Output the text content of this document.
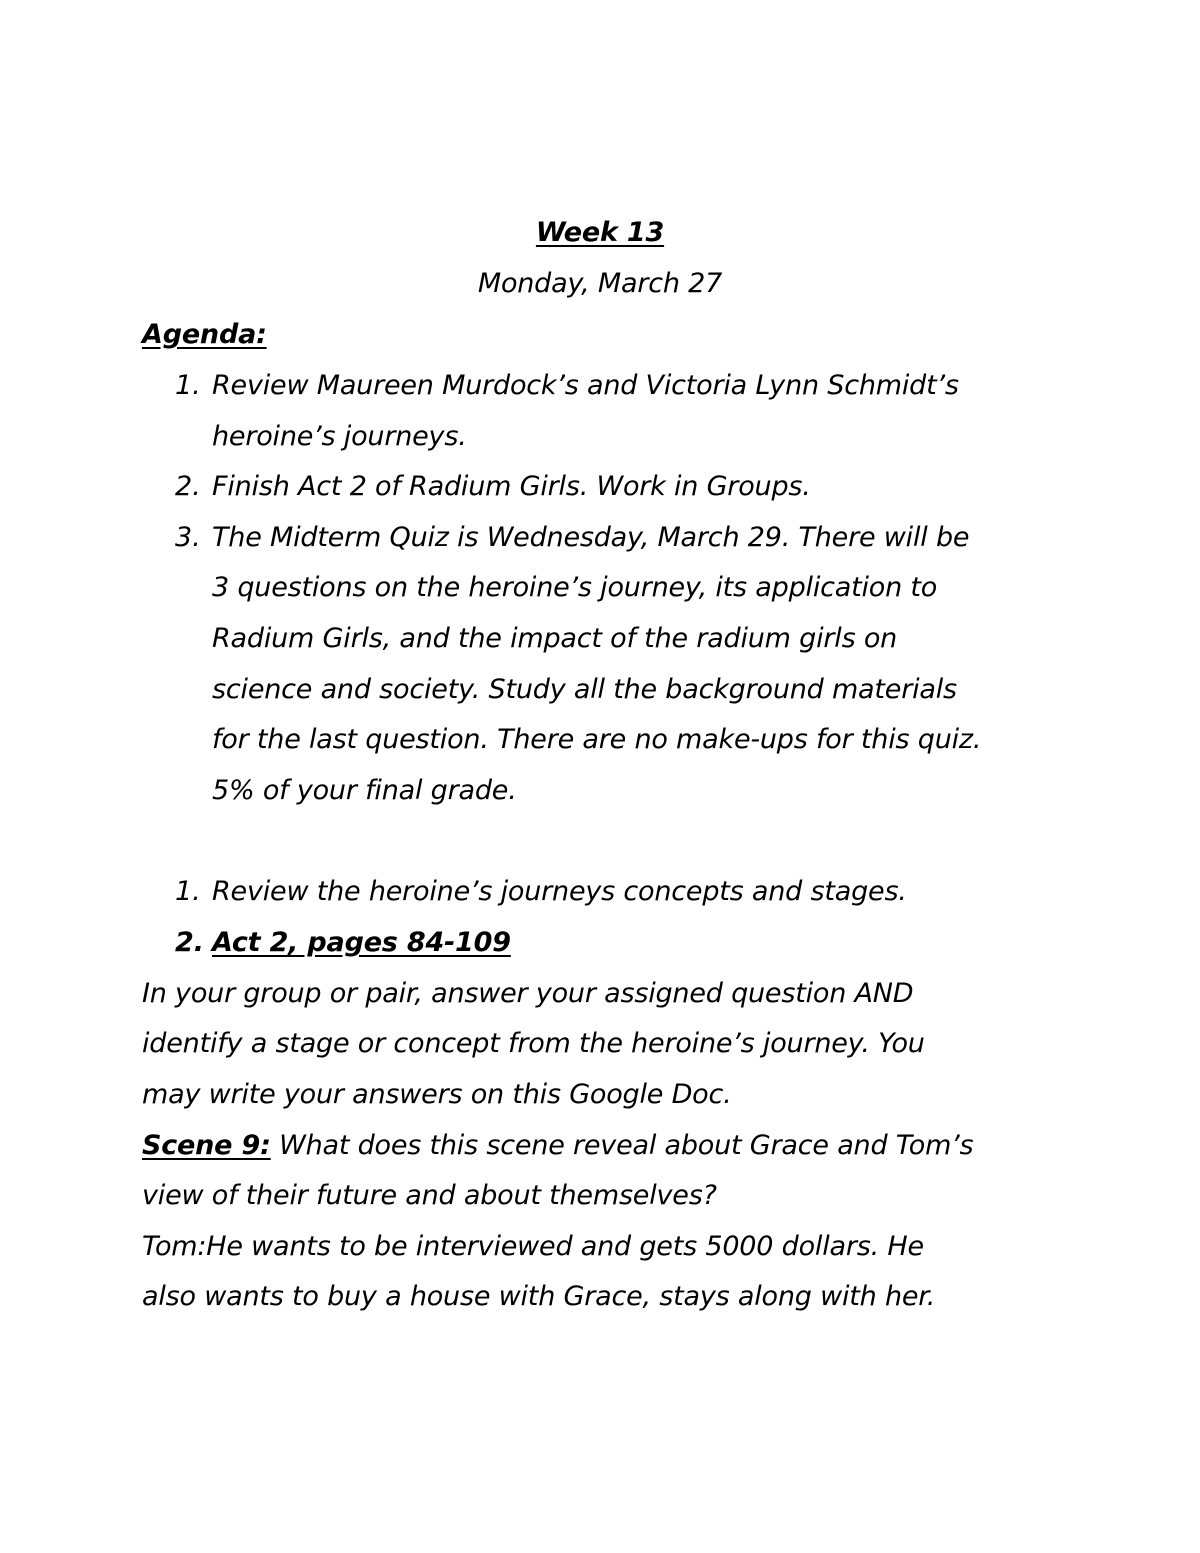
Week 13
Monday, March 27
Agenda:
1. Review Maureen Murdock’s and Victoria Lynn Schmidt’s
heroine’s journeys.
2. Finish Act 2 of Radium Girls. Work in Groups.
3. The Midterm Quiz is Wednesday, March 29. There will be
3 questions on the heroine’s journey, its application to
Radium Girls, and the impact of the radium girls on
science and society. Study all the background materials
for the last question. There are no make-ups for this quiz.
5% of your final grade.
1. Review the heroine’s journeys concepts and stages.
2. Act 2, pages 84-109
In your group or pair, answer your assigned question AND
identify a stage or concept from the heroine’s journey. You
may write your answers on this Google Doc.
Scene 9: What does this scene reveal about Grace and Tom’s
view of their future and about themselves?
Tom:He wants to be interviewed and gets 5000 dollars. He
also wants to buy a house with Grace, stays along with her.
